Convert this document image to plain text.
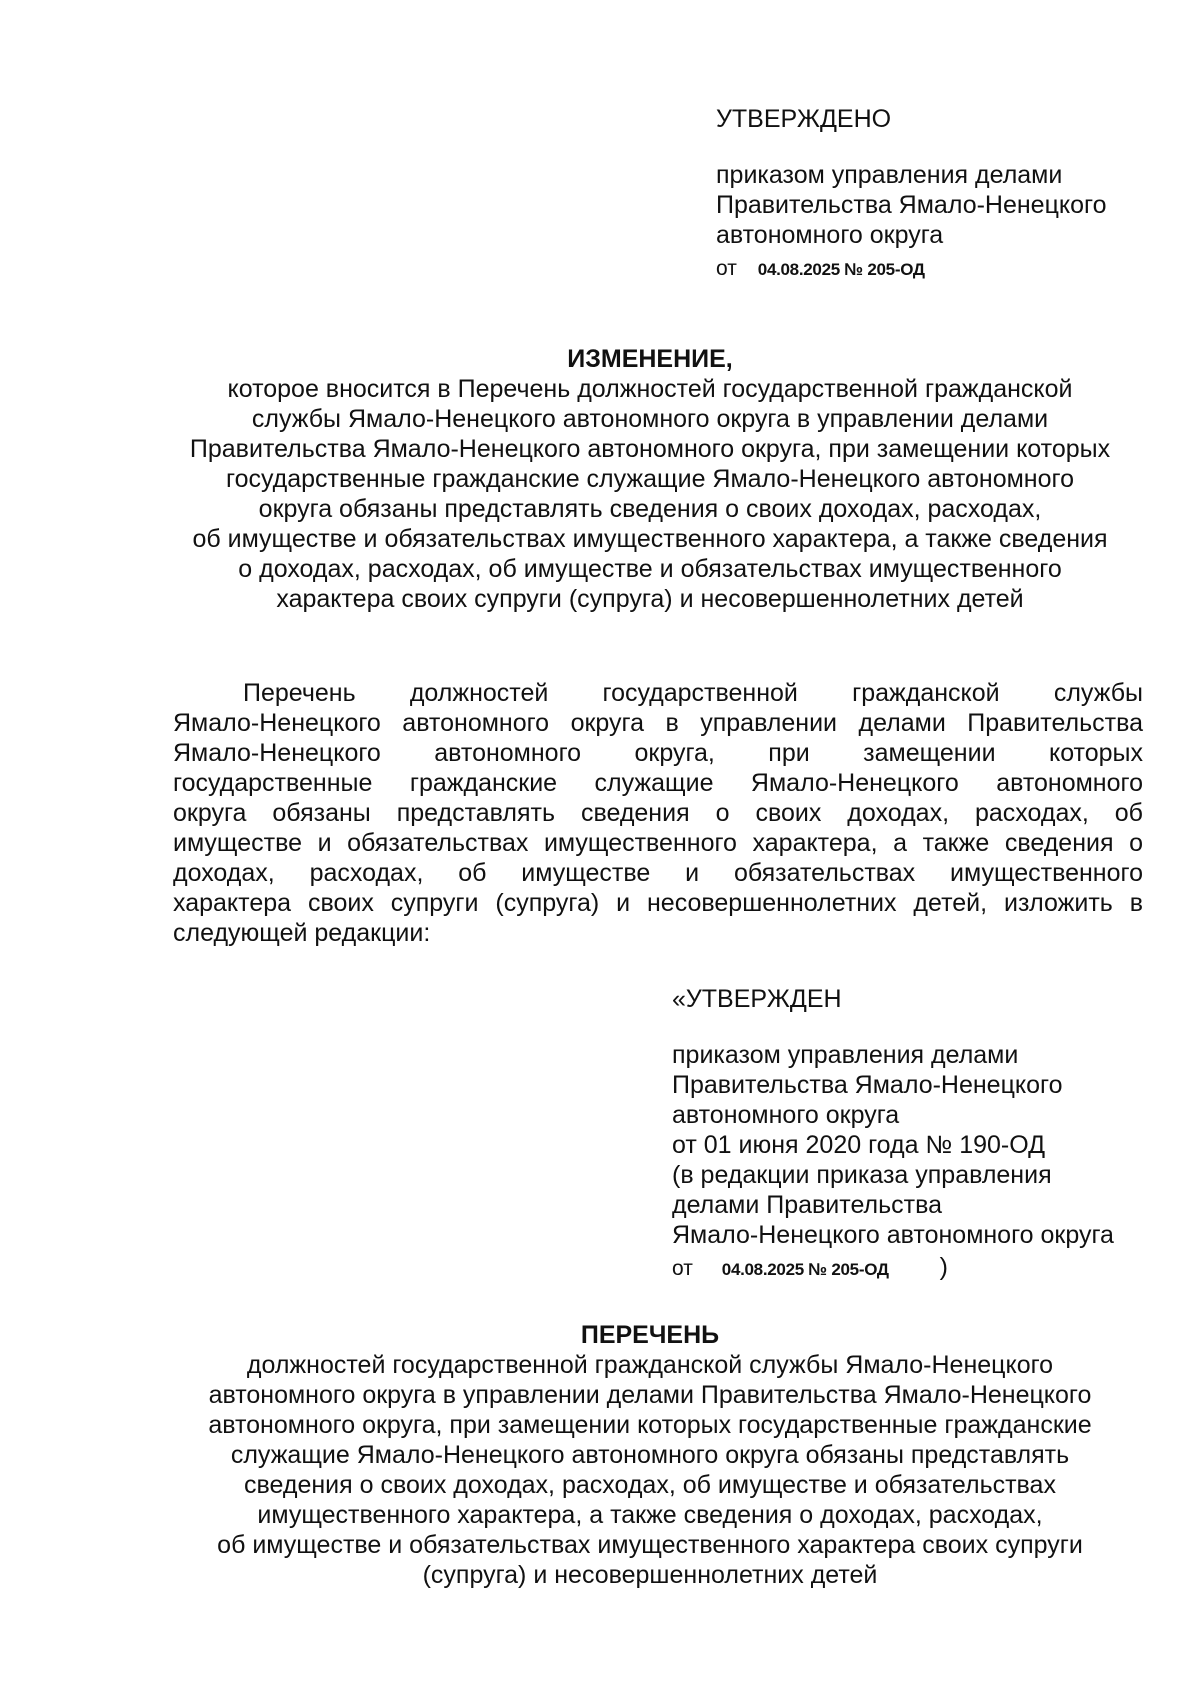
УТВЕРЖДЕНО
приказом управления делами
Правительства Ямало-Ненецкого
автономного округа
от 04.08.2025 № 205-ОД
ИЗМЕНЕНИЕ,
которое вносится в Перечень должностей государственной гражданской
службы Ямало-Ненецкого автономного округа в управлении делами
Правительства Ямало-Ненецкого автономного округа, при замещении которых
государственные гражданские служащие Ямало-Ненецкого автономного
округа обязаны представлять сведения о своих доходах, расходах,
об имуществе и обязательствах имущественного характера, а также сведения
о доходах, расходах, об имуществе и обязательствах имущественного
характера своих супруги (супруга) и несовершеннолетних детей
Перечень должностей государственной гражданской службы
Ямало-Ненецкого автономного округа в управлении делами Правительства
Ямало-Ненецкого автономного округа, при замещении которых
государственные гражданские служащие Ямало-Ненецкого автономного
округа обязаны представлять сведения о своих доходах, расходах, об
имуществе и обязательствах имущественного характера, а также сведения о
доходах, расходах, об имуществе и обязательствах имущественного
характера своих супруги (супруга) и несовершеннолетних детей, изложить в
следующей редакции:
«УТВЕРЖДЕН
приказом управления делами
Правительства Ямало-Ненецкого
автономного округа
от 01 июня 2020 года № 190-ОД
(в редакции приказа управления
делами Правительства
Ямало-Ненецкого автономного округа
от 04.08.2025 № 205-ОД )
ПЕРЕЧЕНЬ
должностей государственной гражданской службы Ямало-Ненецкого
автономного округа в управлении делами Правительства Ямало-Ненецкого
автономного округа, при замещении которых государственные гражданские
служащие Ямало-Ненецкого автономного округа обязаны представлять
сведения о своих доходах, расходах, об имуществе и обязательствах
имущественного характера, а также сведения о доходах, расходах,
об имуществе и обязательствах имущественного характера своих супруги
(супруга) и несовершеннолетних детей
